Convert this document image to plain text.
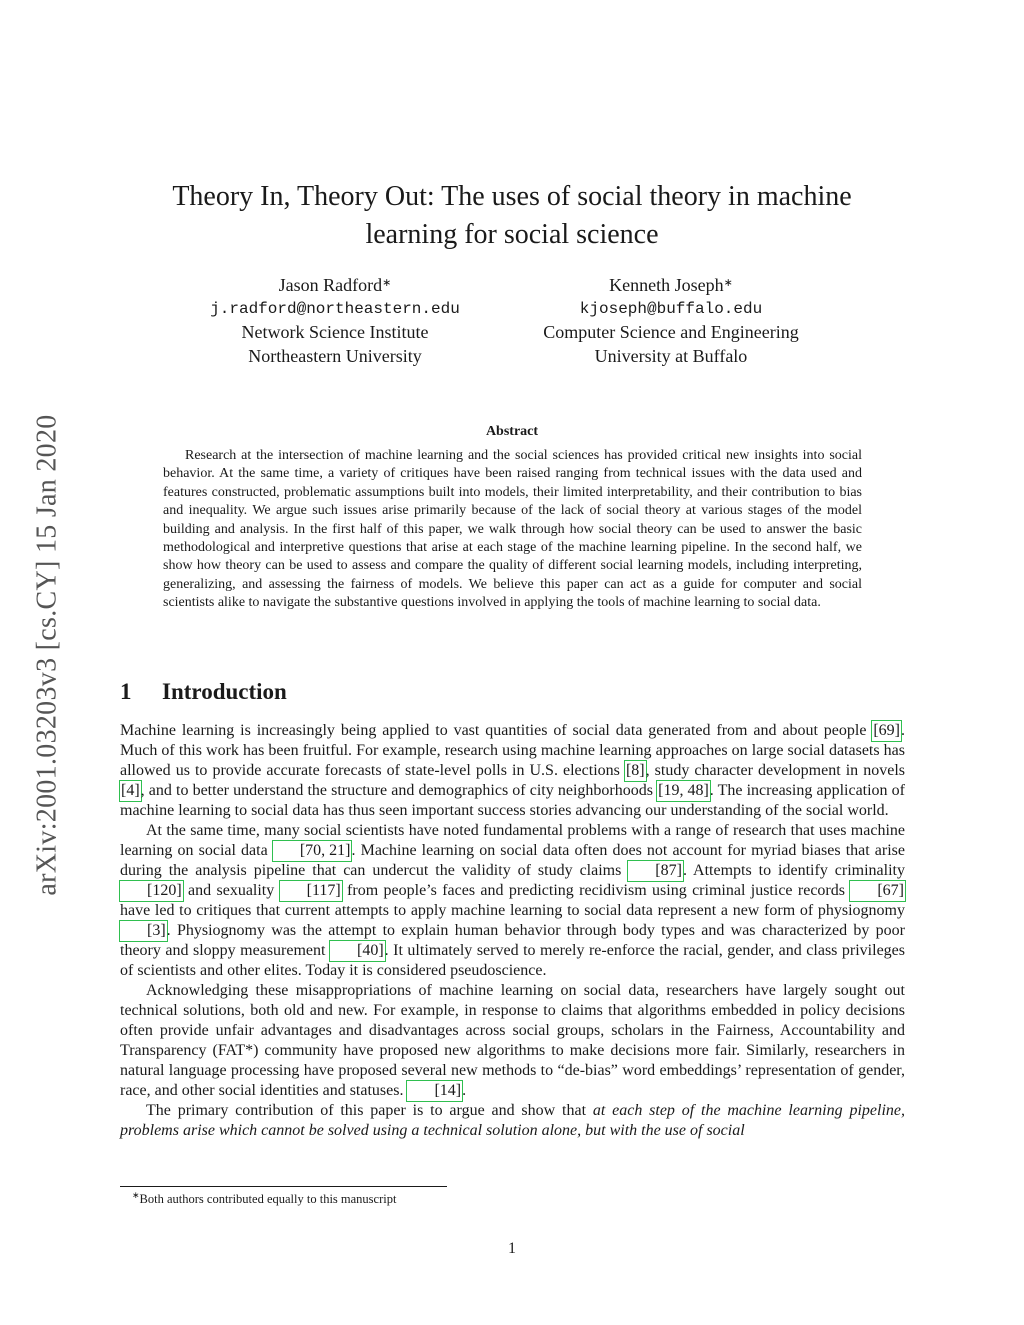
arXiv:2001.03203v3 [cs.CY] 15 Jan 2020
Theory In, Theory Out: The uses of social theory in machine
learning for social science
Jason Radford∗
j.radford@northeastern.edu
Network Science Institute
Northeastern University
Kenneth Joseph∗
kjoseph@buffalo.edu
Computer Science and Engineering
University at Buffalo
Abstract
Research at the intersection of machine learning and the social sciences has provided critical new insights into social behavior. At the same time, a variety of critiques have been raised ranging from technical issues with the data used and features constructed, problematic assumptions built into models, their limited interpretability, and their contribution to bias and inequality. We argue such issues arise primarily because of the lack of social theory at various stages of the model building and analysis. In the first half of this paper, we walk through how social theory can be used to answer the basic methodological and interpretive questions that arise at each stage of the machine learning pipeline. In the second half, we show how theory can be used to assess and compare the quality of different social learning models, including interpreting, generalizing, and assessing the fairness of models. We believe this paper can act as a guide for computer and social scientists alike to navigate the substantive questions involved in applying the tools of machine learning to social data.
1 Introduction

Machine learning is increasingly being applied to vast quantities of social data generated from and about people [69]. Much of this work has been fruitful. For example, research using machine learning approaches on large social datasets has allowed us to provide accurate forecasts of state-level polls in U.S. elections [8], study character development in novels [4], and to better understand the structure and demographics of city neighborhoods [19, 48]. The increasing application of machine learning to social data has thus seen important success stories advancing our understanding of the social world.

At the same time, many social scientists have noted fundamental problems with a range of research that uses machine learning on social data [70, 21]. Machine learning on social data often does not account for myriad biases that arise during the analysis pipeline that can undercut the validity of study claims [87]. Attempts to identify criminality [120] and sexuality [117] from people’s faces and predicting recidivism using criminal justice records [67] have led to critiques that current attempts to apply machine learning to social data represent a new form of physiognomy [3]. Physiognomy was the attempt to explain human behavior through body types and was characterized by poor theory and sloppy measurement [40]. It ultimately served to merely re-enforce the racial, gender, and class privileges of scientists and other elites. Today it is considered pseudoscience.

Acknowledging these misappropriations of machine learning on social data, researchers have largely sought out technical solutions, both old and new. For example, in response to claims that algorithms embedded in policy decisions often provide unfair advantages and disadvantages across social groups, scholars in the Fairness, Accountability and Transparency (FAT*) community have proposed new algorithms to make decisions more fair. Similarly, researchers in natural language processing have proposed several new methods to “de-bias” word embeddings’ representation of gender, race, and other social identities and statuses. [14].

The primary contribution of this paper is to argue and show that at each step of the machine learning pipeline, problems arise which cannot be solved using a technical solution alone, but with the use of social

∗Both authors contributed equally to this manuscript
1
